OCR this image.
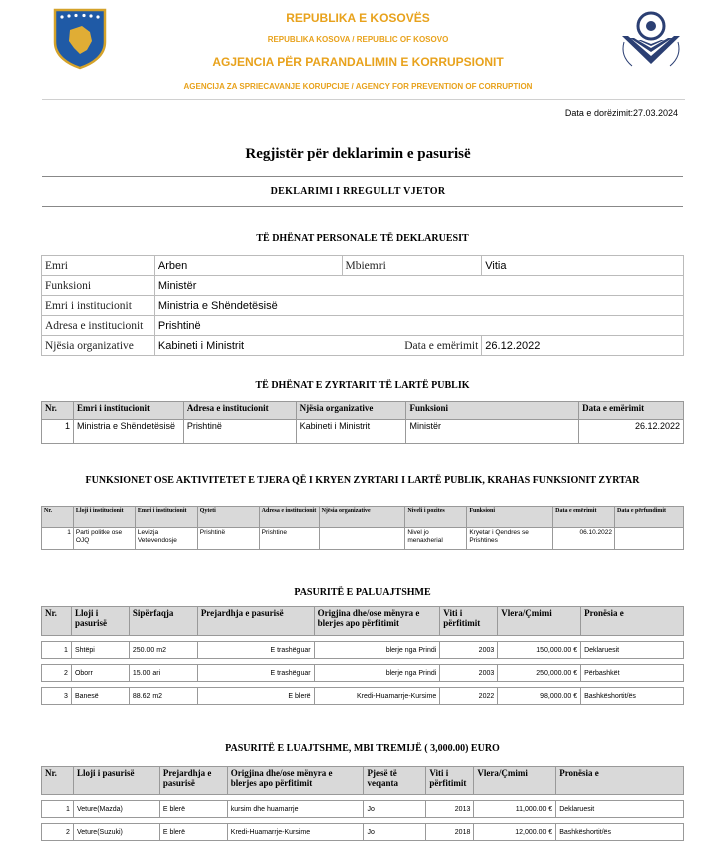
REPUBLIKA E KOSOVËS
REPUBLIKA KOSOVA / REPUBLIC OF KOSOVO
AGJENCIA PËR PARANDALIMIN E KORRUPSIONIT
AGENCIJA ZA SPRIECAVANJE KORUPCIJE / AGENCY FOR PREVENTION OF CORRUPTION
Data e dorëzimit:27.03.2024
Regjistër për deklarimin e pasurisë
DEKLARIMI I RREGULLT VJETOR
TË DHËNAT PERSONALE TË DEKLARUESIT
Emri	Arben	Mbiemri	Vitia
Funksioni	Ministër		
Emri i institucionit	Ministria e Shëndetësisë		
Adresa e institucionit	Prishtinë		
Njësia organizative	Kabineti i Ministrit Data e emërimit		26.12.2022
TË DHËNAT E ZYRTARIT TË LARTË PUBLIK
Nr.	Emri i institucionit	Adresa e institucionit	Njësia organizative	Funksioni	Data e emërimit
1	Ministria e Shëndetësisë	Prishtinë	Kabineti i Ministrit	Ministër	26.12.2022
FUNKSIONET OSE AKTIVITETET E TJERA QË I KRYEN ZYRTARI I LARTË PUBLIK, KRAHAS FUNKSIONIT ZYRTAR
Nr.	Lloji i institucionit	Emri i institucionit	Qyteti	Adresa e institucionit	Njësia organizative	Niveli i pozites	Funksioni	Data e emërimit	Data e përfundimit
1	Parti politke ose OJQ	Levizja Vetevendosje	Prishtinë	Prishtine		Nivel jo menaxherial	Kryetar i Qendres se Prishtines	06.10.2022	
PASURITË E PALUAJTSHME
Nr.	Lloji i pasurisë	Sipërfaqja	Prejardhja e pasurisë	Origjina dhe/ose mënyra e blerjes apo përfitimit	Viti i përfitimit	Vlera/Çmimi	Pronësia e

1	Shtëpi	250.00 m2	E trashëguar	blerje nga Prindi	2003	150,000.00 €	Deklaruesit

2	Oborr	15.00 ari	E trashëguar	blerje nga Prindi	2003	250,000.00 €	Përbashkët

3	Banesë	88.62 m2	E blerë	Kredi-Huamarrje-Kursime	2022	98,000.00 €	Bashkëshortit/ës
PASURITË E LUAJTSHME, MBI TREMIJË ( 3,000.00) EURO
Nr.	Lloji i pasurisë	Prejardhja e pasurisë	Origjina dhe/ose mënyra e blerjes apo përfitimit	Pjesë të veqanta	Viti i përfitimit	Vlera/Çmimi	Pronësia e

1	Veture(Mazda)	E blerë	kursim dhe huamarrje	Jo	2013	11,000.00 €	Deklaruesit

2	Veture(Suzuki)	E blerë	Kredi-Huamarrje-Kursime	Jo	2018	12,000.00 €	Bashkëshortit/ës
